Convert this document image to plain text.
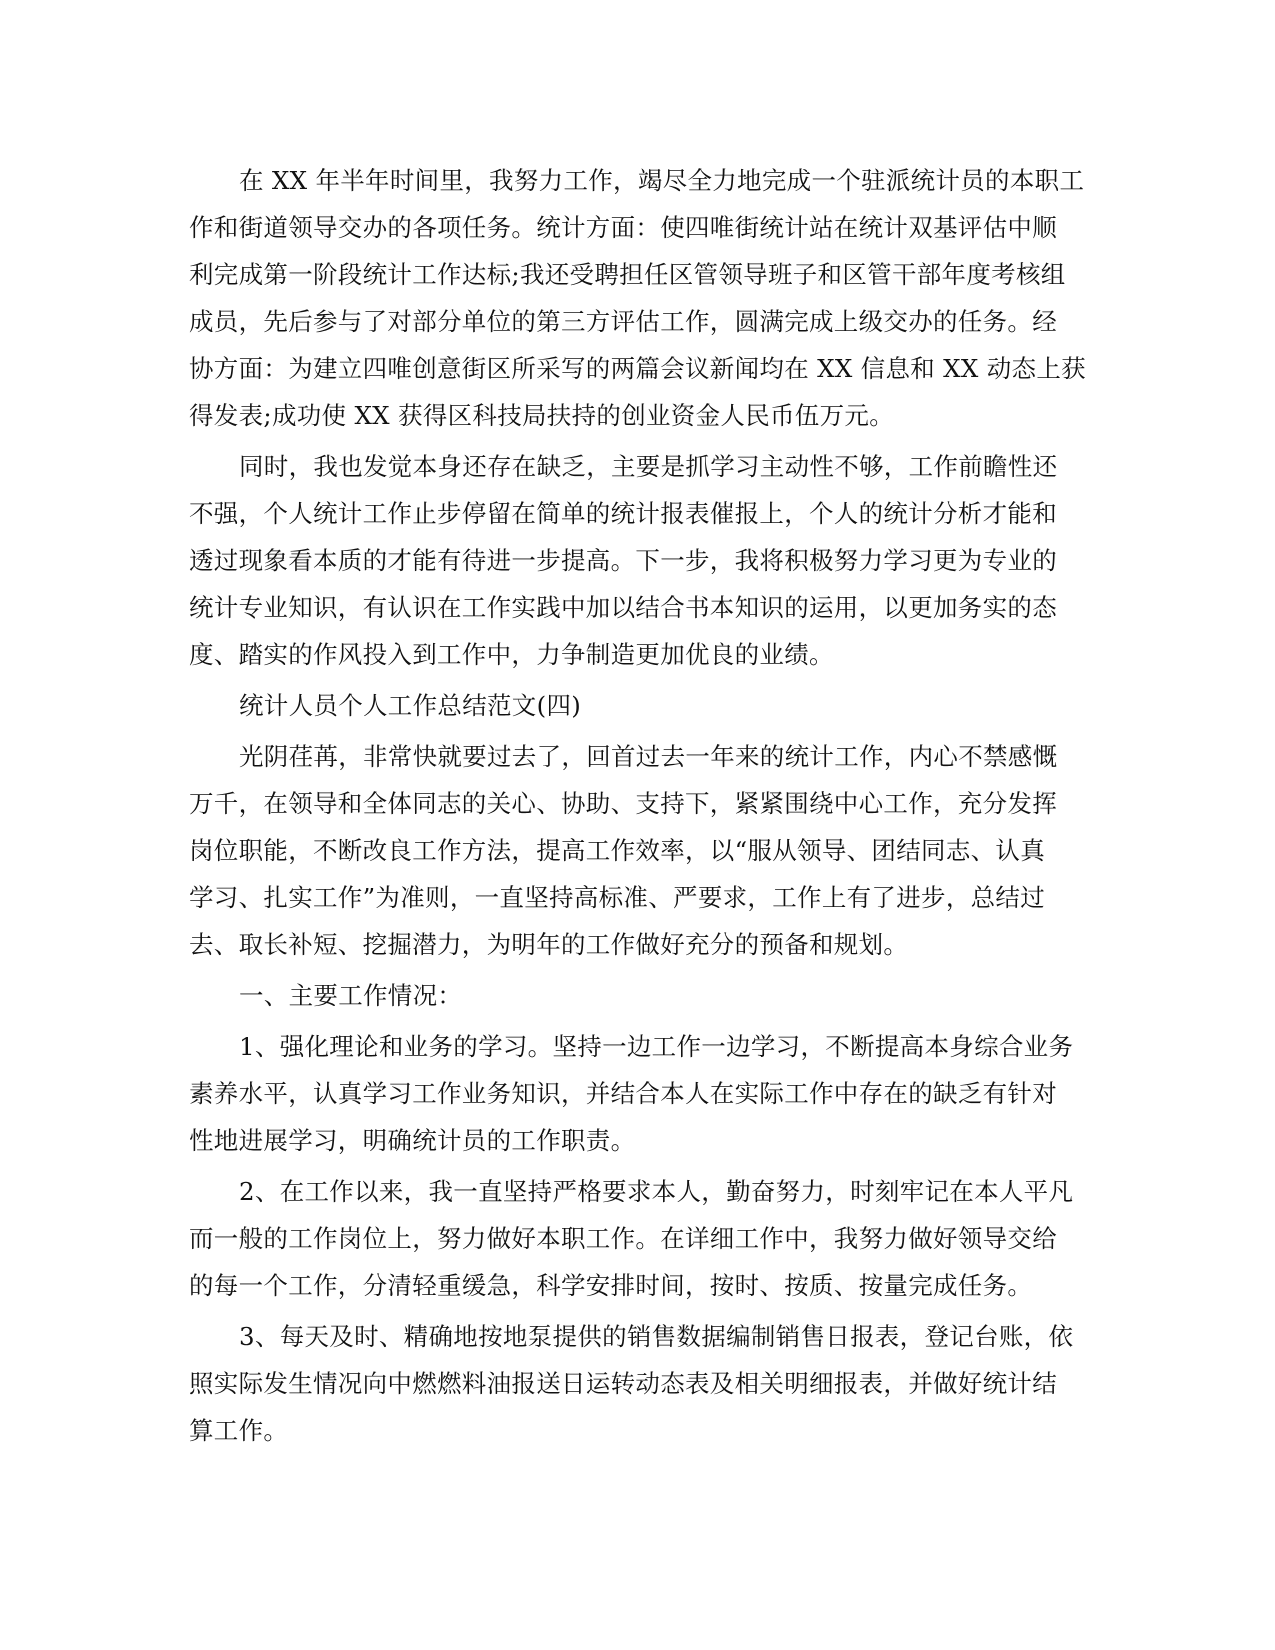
在 XX 年半年时间里，我努力工作，竭尽全力地完成一个驻派统计员的本职工
作和街道领导交办的各项任务。统计方面：使四唯街统计站在统计双基评估中顺
利完成第一阶段统计工作达标;我还受聘担任区管领导班子和区管干部年度考核组
成员，先后参与了对部分单位的第三方评估工作，圆满完成上级交办的任务。经
协方面：为建立四唯创意街区所采写的两篇会议新闻均在 XX 信息和 XX 动态上获
得发表;成功使 XX 获得区科技局扶持的创业资金人民币伍万元。
同时，我也发觉本身还存在缺乏，主要是抓学习主动性不够，工作前瞻性还
不强，个人统计工作止步停留在简单的统计报表催报上，个人的统计分析才能和
透过现象看本质的才能有待进一步提高。下一步，我将积极努力学习更为专业的
统计专业知识，有认识在工作实践中加以结合书本知识的运用，以更加务实的态
度、踏实的作风投入到工作中，力争制造更加优良的业绩。
统计人员个人工作总结范文(四)
光阴荏苒，非常快就要过去了，回首过去一年来的统计工作，内心不禁感慨
万千，在领导和全体同志的关心、协助、支持下，紧紧围绕中心工作，充分发挥
岗位职能，不断改良工作方法，提高工作效率，以“服从领导、团结同志、认真
学习、扎实工作”为准则，一直坚持高标准、严要求，工作上有了进步，总结过
去、取长补短、挖掘潜力，为明年的工作做好充分的预备和规划。
一、主要工作情况：
1、强化理论和业务的学习。坚持一边工作一边学习，不断提高本身综合业务
素养水平，认真学习工作业务知识，并结合本人在实际工作中存在的缺乏有针对
性地进展学习，明确统计员的工作职责。
2、在工作以来，我一直坚持严格要求本人，勤奋努力，时刻牢记在本人平凡
而一般的工作岗位上，努力做好本职工作。在详细工作中，我努力做好领导交给
的每一个工作，分清轻重缓急，科学安排时间，按时、按质、按量完成任务。
3、每天及时、精确地按地泵提供的销售数据编制销售日报表，登记台账，依
照实际发生情况向中燃燃料油报送日运转动态表及相关明细报表，并做好统计结
算工作。
